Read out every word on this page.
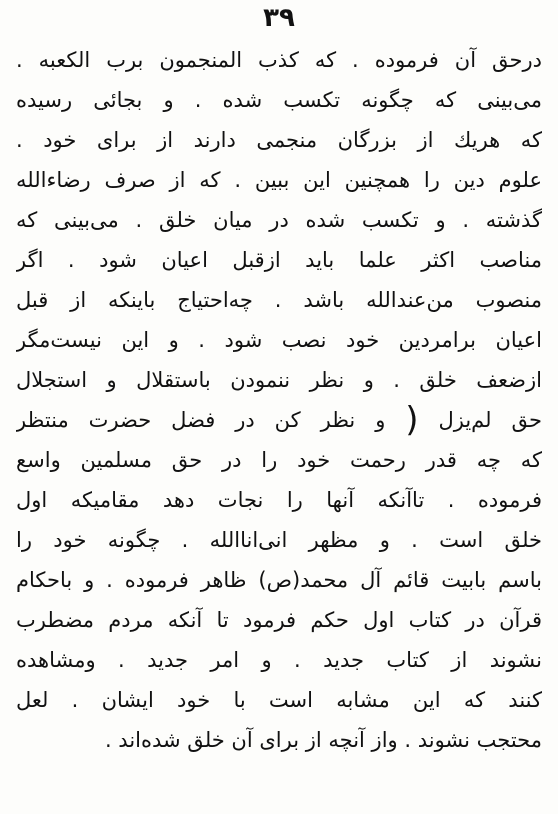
۳۹
درحق آن فرموده . که کذب المنجمون برب الکعبه .
می‌بینی که چگونه تکسب شده . و بجائی رسیده
که هریك از بزرگان منجمی دارند از برای خود .
علوم دین را همچنین این ببین . که از صرف رضاءالله
گذشته . و تکسب شده در میان خلق . می‌بینی که
مناصب اکثر علما باید ازقبل اعیان شود . اگر
منصوب من‌عندالله باشد . چه‌احتیاج باینکه از قبل
اعیان برامردین خود نصب شود . و این نیست‌مگر
ازضعف خلق . و نظر ننمودن باستقلال و استجلال
حق لم‌یزل ( و نظر کن در فضل حضرت منتظر
که چه قدر رحمت خود را در حق مسلمین واسع
فرموده . تاآنکه آنها را نجات دهد مقامیکه اول
خلق است . و مظهر انی‌اناالله . چگونه خود را
باسم بابیت قائم آل محمد(ص) ظاهر فرموده . و باحکام
قرآن در کتاب اول حکم فرمود تا آنکه مردم مضطرب
نشوند از کتاب جدید . و امر جدید . ومشاهده
کنند که این مشابه است با خود ایشان . لعل
محتجب نشوند . واز آنچه از برای آن خلق شده‌اند .
